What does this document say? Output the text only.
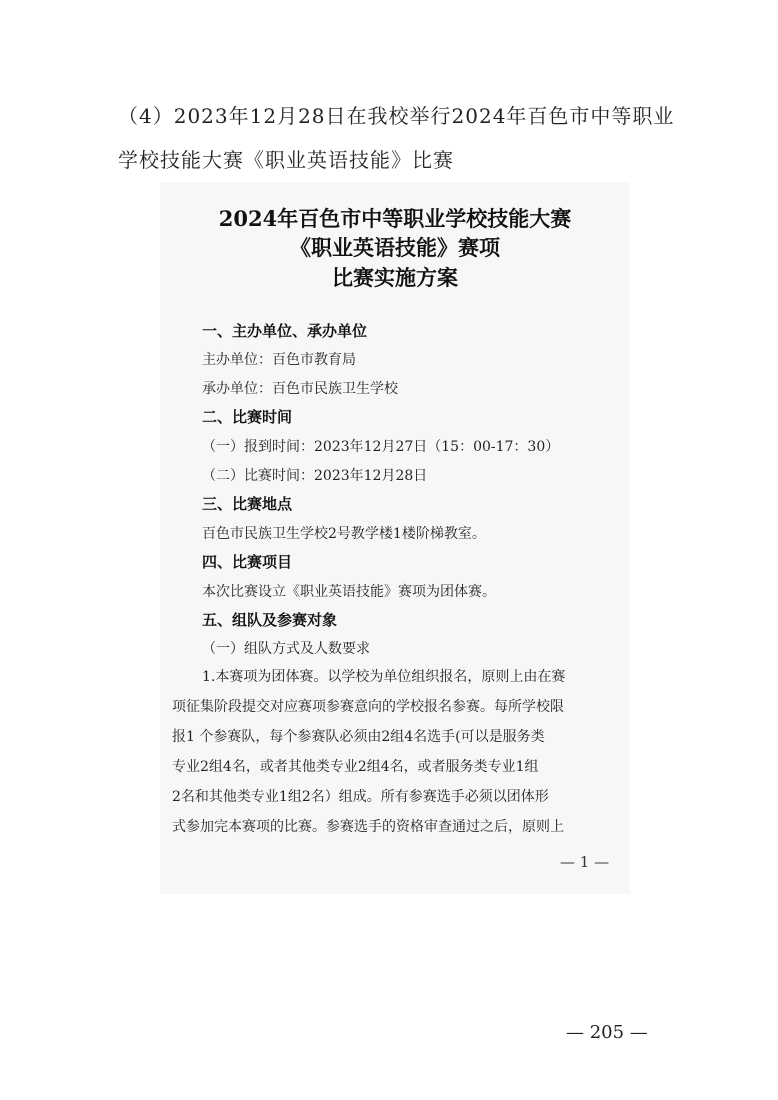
（4）2023年12月28日在我校举行2024年百色市中等职业
学校技能大赛《职业英语技能》比赛
2024年百色市中等职业学校技能大赛
《职业英语技能》赛项
比赛实施方案
一、主办单位、承办单位
主办单位：百色市教育局
承办单位：百色市民族卫生学校
二、比赛时间
（一）报到时间：2023年12月27日（15：00-17：30）
（二）比赛时间：2023年12月28日
三、比赛地点
百色市民族卫生学校2号教学楼1楼阶梯教室。
四、比赛项目
本次比赛设立《职业英语技能》赛项为团体赛。
五、组队及参赛对象
（一）组队方式及人数要求
1.本赛项为团体赛。以学校为单位组织报名，原则上由在赛
项征集阶段提交对应赛项参赛意向的学校报名参赛。每所学校限
报1 个参赛队，每个参赛队必须由2组4名选手(可以是服务类
专业2组4名，或者其他类专业2组4名，或者服务类专业1组
2名和其他类专业1组2名）组成。所有参赛选手必须以团体形
式参加完本赛项的比赛。参赛选手的资格审查通过之后，原则上
— 1 —
— 205 —
